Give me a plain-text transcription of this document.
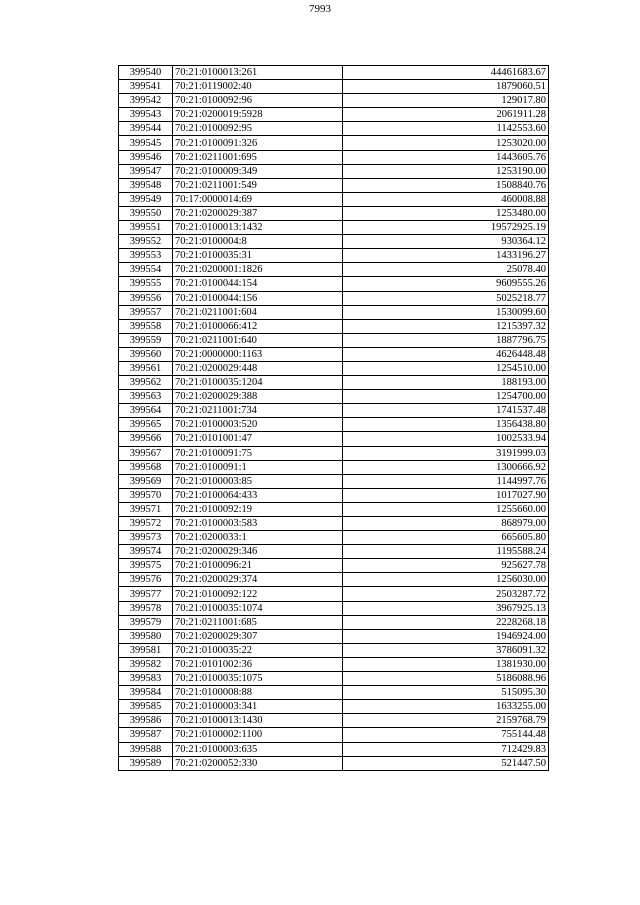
7993
399540	70:21:0100013:261	44461683.67
399541	70:21:0119002:40	1879060.51
399542	70:21:0100092:96	129017.80
399543	70:21:0200019:5928	2061911.28
399544	70:21:0100092:95	1142553.60
399545	70:21:0100091:326	1253020.00
399546	70:21:0211001:695	1443605.76
399547	70:21:0100009:349	1253190.00
399548	70:21:0211001:549	1508840.76
399549	70:17:0000014:69	460008.88
399550	70:21:0200029:387	1253480.00
399551	70:21:0100013:1432	19572925.19
399552	70:21:0100004:8	930364.12
399553	70:21:0100035:31	1433196.27
399554	70:21:0200001:1826	25078.40
399555	70:21:0100044:154	9609555.26
399556	70:21:0100044:156	5025218.77
399557	70:21:0211001:604	1530099.60
399558	70:21:0100066:412	1215397.32
399559	70:21:0211001:640	1887796.75
399560	70:21:0000000:1163	4626448.48
399561	70:21:0200029:448	1254510.00
399562	70:21:0100035:1204	188193.00
399563	70:21:0200029:388	1254700.00
399564	70:21:0211001:734	1741537.48
399565	70:21:0100003:520	1356438.80
399566	70:21:0101001:47	1002533.94
399567	70:21:0100091:75	3191999.03
399568	70:21:0100091:1	1300666.92
399569	70:21:0100003:85	1144997.76
399570	70:21:0100064:433	1017027.90
399571	70:21:0100092:19	1255660.00
399572	70:21:0100003:583	868979.00
399573	70:21:0200033:1	665605.80
399574	70:21:0200029:346	1195588.24
399575	70:21:0100096:21	925627.78
399576	70:21:0200029:374	1256030.00
399577	70:21:0100092:122	2503287.72
399578	70:21:0100035:1074	3967925.13
399579	70:21:0211001:685	2228268.18
399580	70:21:0200029:307	1946924.00
399581	70:21:0100035:22	3786091.32
399582	70:21:0101002:36	1381930.00
399583	70:21:0100035:1075	5186088.96
399584	70:21:0100008:88	515095.30
399585	70:21:0100003:341	1633255.00
399586	70:21:0100013:1430	2159768.79
399587	70:21:0100002:1100	755144.48
399588	70:21:0100003:635	712429.83
399589	70:21:0200052:330	521447.50
